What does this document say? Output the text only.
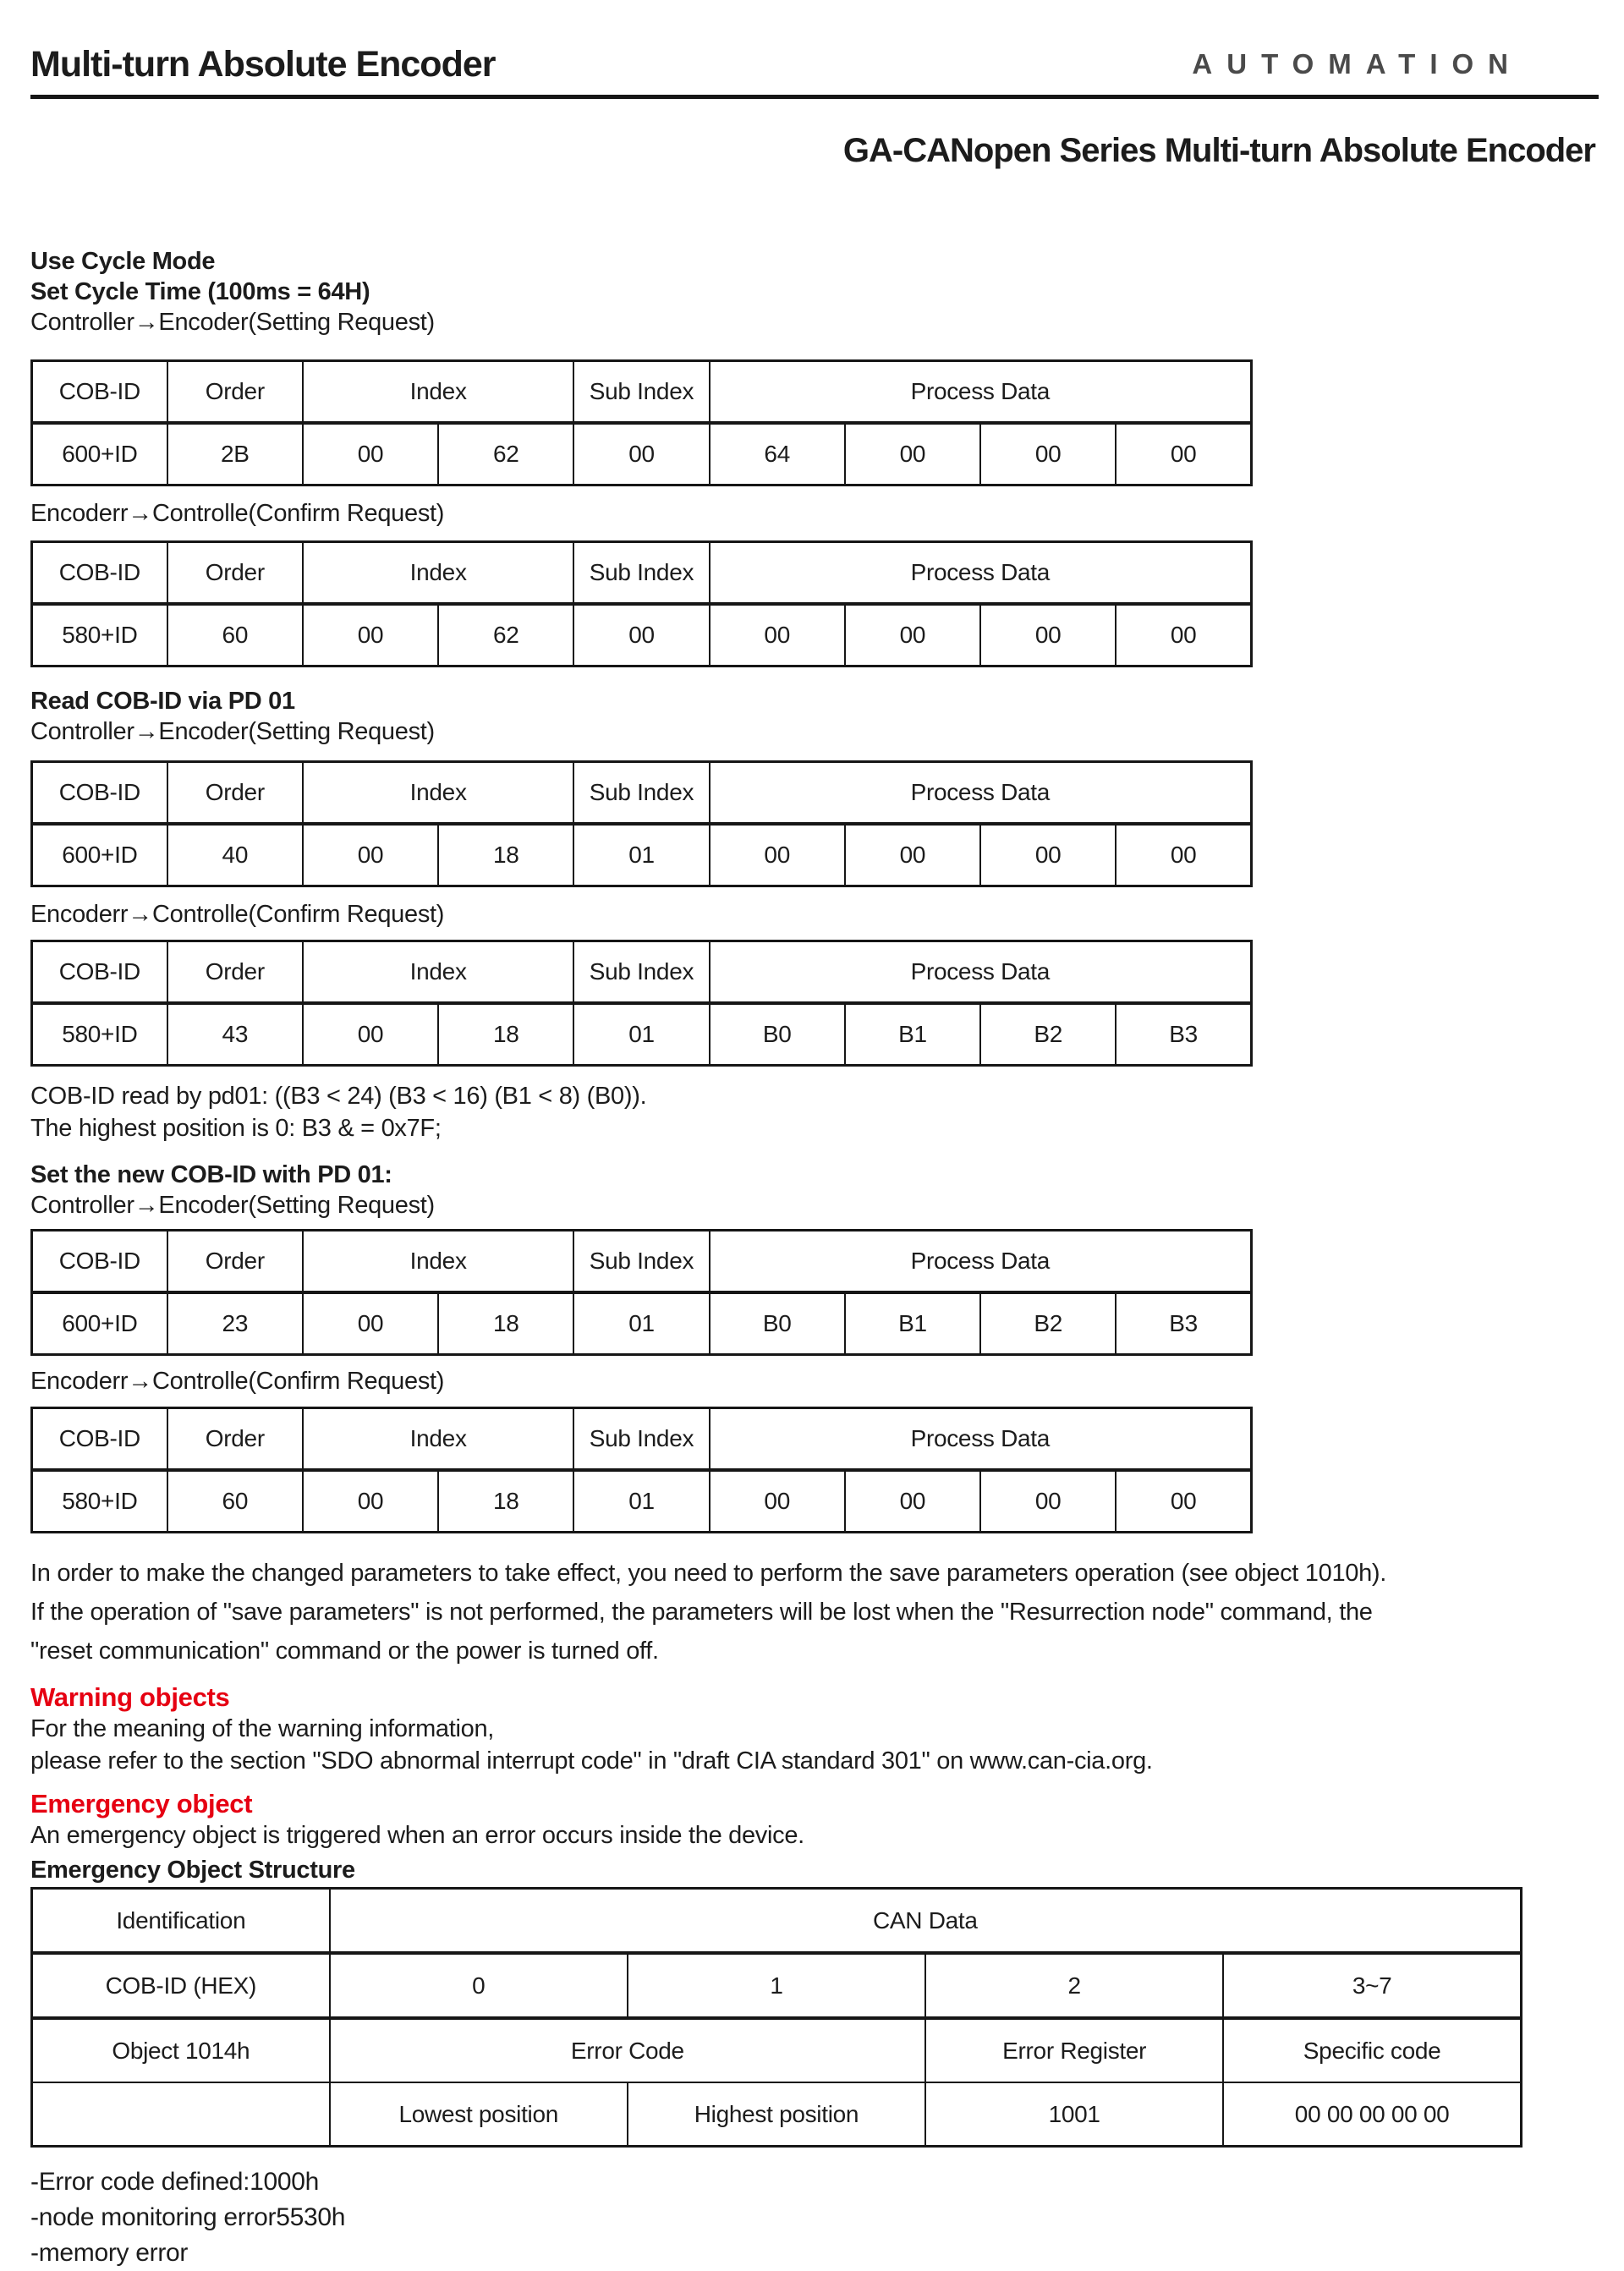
Multi-turn Absolute Encoder	AUTOMATION
GA-CANopen Series Multi-turn Absolute Encoder
Use Cycle Mode
Set Cycle Time (100ms = 64H)
Controller→Encoder(Setting Request)
COB-ID	Order	Index		Sub Index	Process Data			
600+ID	2B	00	62	00	64	00	00	00
Encoderr→Controlle(Confirm Request)
COB-ID	Order	Index		Sub Index	Process Data			
580+ID	60	00	62	00	00	00	00	00
Read COB-ID via PD 01
Controller→Encoder(Setting Request)
COB-ID	Order	Index		Sub Index	Process Data			
600+ID	40	00	18	01	00	00	00	00
Encoderr→Controlle(Confirm Request)
COB-ID	Order	Index		Sub Index	Process Data			
580+ID	43	00	18	01	B0	B1	B2	B3
COB-ID read by pd01: ((B3 < 24) (B3 < 16) (B1 < 8) (B0)).
The highest position is 0: B3 & = 0x7F;
Set the new COB-ID with PD 01:
Controller→Encoder(Setting Request)
COB-ID	Order	Index		Sub Index	Process Data			
600+ID	23	00	18	01	B0	B1	B2	B3
Encoderr→Controlle(Confirm Request)
COB-ID	Order	Index		Sub Index	Process Data			
580+ID	60	00	18	01	00	00	00	00
In order to make the changed parameters to take effect, you need to perform the save parameters operation (see object 1010h).
If the operation of "save parameters" is not performed, the parameters will be lost when the "Resurrection node" command, the
"reset communication" command or the power is turned off.
Warning objects
For the meaning of the warning information,
please refer to the section "SDO abnormal interrupt code" in "draft CIA standard 301" on www.can-cia.org.
Emergency object
An emergency object is triggered when an error occurs inside the device.
Emergency Object Structure
Identification	CAN Data			
COB-ID (HEX)	0	1	2	3~7
Object 1014h	Error Code		Error Register	Specific code
	Lowest position	Highest position	1001	00 00 00 00 00
-Error code defined:1000h
-node monitoring error5530h
-memory error
